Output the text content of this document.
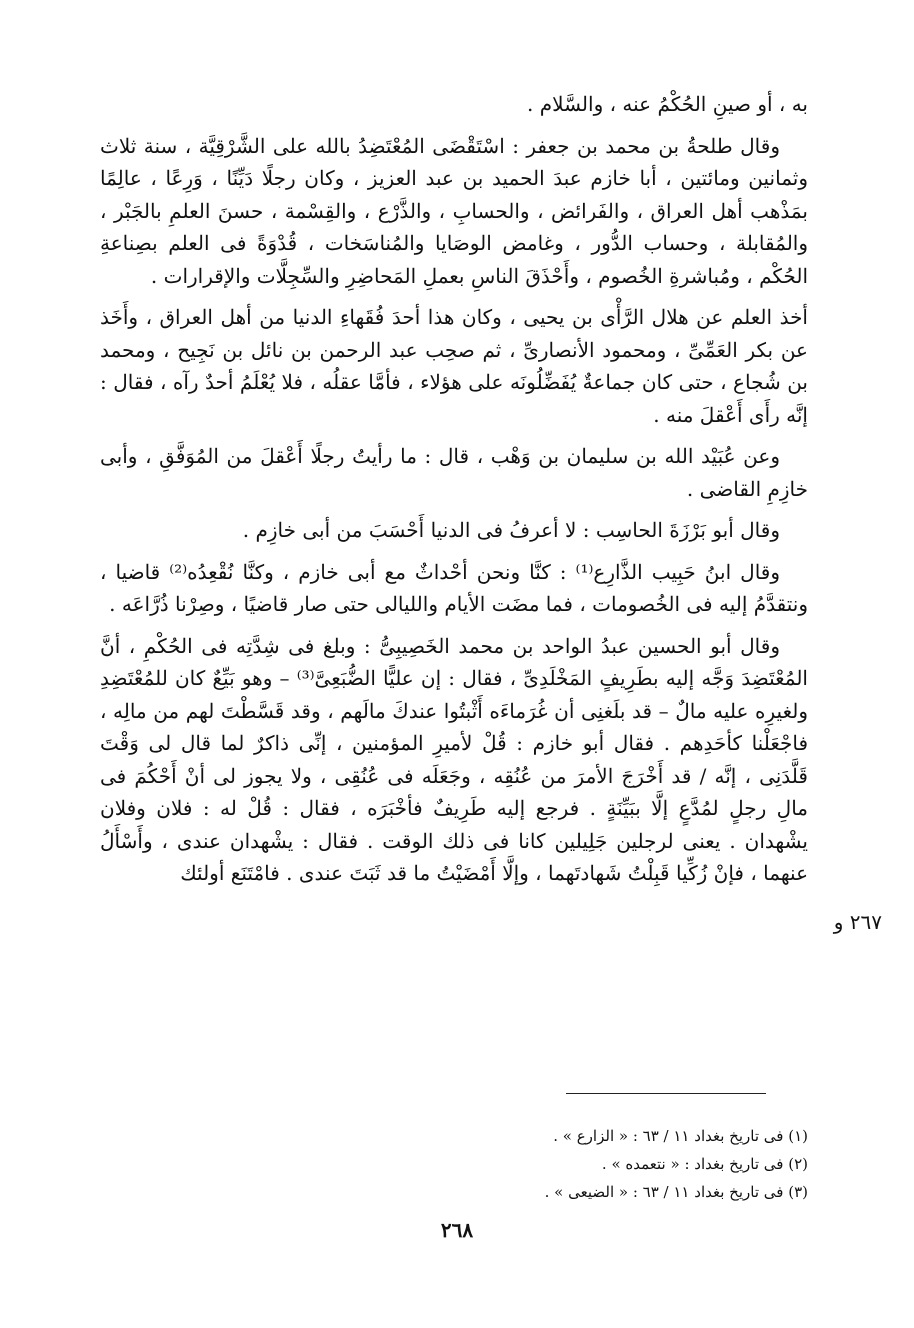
به ، أو صينِ الحُكْمُ عنه ، والسَّلام .

وقال طلحةُ بن محمد بن جعفر : اسْتَقْضَى المُعْتَضِدُ بالله على الشَّرْقِيَّة ، سنة ثلاث وثمانين ومائتين ، أبا خازم عبدَ الحميد بن عبد العزيز ، وكان رجلًا دَيِّنًا ، وَرِعًا ، عالِمًا بمَذْهب أهل العراق ، والفَرائض ، والحسابِ ، والذَّرْع ، والقِسْمة ، حسنَ العلمِ بالجَبْر ، والمُقابلة ، وحساب الدُّور ، وغامض الوصَايا والمُناسَخات ، قُدْوَةً فى العلم بصِناعةِ الحُكْم ، ومُباشرةِ الخُصوم ، وأَحْذَقَ الناسِ بعملِ المَحاضِرِ والسِّجِلَّات والإقرارات .

أخذ العلم عن هلال الرَّأْى بن يحيى ، وكان هذا أحدَ فُقَهاءِ الدنيا من أهل العراق ، وأَخَذ عن بكر العَمِّىِّ ، ومحمود الأنصارىِّ ، ثم صحِب عبد الرحمن بن نائل بن نَجِيح ، ومحمد بن شُجاع ، حتى كان جماعةٌ يُفَضِّلُونَه على هؤلاء ، فأمَّا عقلُه ، فلا يُعْلَمُ أحدٌ رآه ، فقال : إنَّه رأَى أَعْقلَ منه .

وعن عُبَيْد الله بن سليمان بن وَهْب ، قال : ما رأيتُ رجلًا أَعْقلَ من المُوَفَّقِ ، وأبى خازِمِ القاضى .

وقال أبو بَرْزَةَ الحاسِب : لا أعرفُ فى الدنيا أَحْسَبَ من أبى خازِم .

وقال ابنُ حَبِيب الذَّارِع⁽¹⁾ : كنَّا ونحن أحْداثٌ مع أبى خازم ، وكنَّا نُقْعِدُه⁽²⁾ قاضيا ، ونتقدَّمُ إليه فى الخُصومات ، فما مضَت الأيام والليالى حتى صار قاضيًا ، وصِرْنا ذُرَّاعَه .

وقال أبو الحسين عبدُ الواحد بن محمد الخَصِيبِىُّ : وبلغ فى شِدَّتِه فى الحُكْمِ ، أنَّ المُعْتَضِدَ وَجَّه إليه بطَرِيفٍ المَخْلَدِىِّ ، فقال : إن عليًّا الضُّبَعِىَّ⁽³⁾ – وهو بَيِّعٌ كان للمُعْتَضِدِ ولغيرِه عليه مالٌ – قد بلَغنِى أن غُرَماءَه أَثْبتُوا عندكَ مالَهم ، وقد قَسَّطْتَ لهم من مالِه ، فاجْعَلْنا كأحَدِهم . فقال أبو خازم : قُلْ لأميرِ المؤمنين ، إنِّى ذاكرٌ لما قال لى وَقْتَ قَلَّدَنِى ، إنَّه / قد أَخْرَجَ الأمرَ من عُنُقِه ، وجَعَلَه فى عُنُقِى ، ولا يجوز لى أنْ أَحْكُمَ فى مالِ رجلٍ لمُدَّعٍ إلَّا ببَيِّنَةٍ . فرجع إليه طَرِيفٌ فأخْبَرَه ، فقال : قُلْ له : فلان وفلان يشْهدان . يعنى لرجلين جَلِيلين كانا فى ذلك الوقت . فقال : يشْهدان عندى ، وأَسْأَلُ عنهما ، فإنْ زُكِّيا قَبِلْتُ شَهادتَهما ، وإلَّا أَمْضَيْتُ ما قد ثَبَتَ عندى . فامْتَنَع أولئك

٢٦٧ و
(١) فى تاريخ بغداد ١١ / ٦٣ : « الزارع » .
(٢) فى تاريخ بغداد : « نتعمده » .
(٣) فى تاريخ بغداد ١١ / ٦٣ : « الضيعى » .
٢٦٨
